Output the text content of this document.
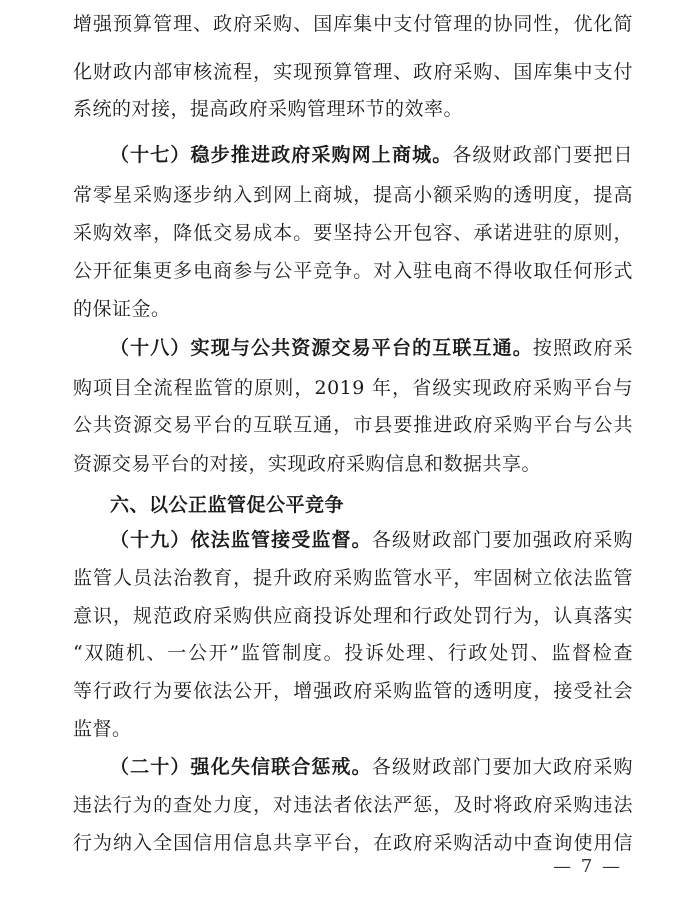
增强预算管理、政府采购、国库集中支付管理的协同性，优化简
化财政内部审核流程，实现预算管理、政府采购、国库集中支付
系统的对接，提高政府采购管理环节的效率。
（十七）稳步推进政府采购网上商城。各级财政部门要把日
常零星采购逐步纳入到网上商城，提高小额采购的透明度，提高
采购效率，降低交易成本。要坚持公开包容、承诺进驻的原则，
公开征集更多电商参与公平竞争。对入驻电商不得收取任何形式
的保证金。
（十八）实现与公共资源交易平台的互联互通。按照政府采
购项目全流程监管的原则，2019 年，省级实现政府采购平台与
公共资源交易平台的互联互通，市县要推进政府采购平台与公共
资源交易平台的对接，实现政府采购信息和数据共享。
六、以公正监管促公平竞争
（十九）依法监管接受监督。各级财政部门要加强政府采购
监管人员法治教育，提升政府采购监管水平，牢固树立依法监管
意识，规范政府采购供应商投诉处理和行政处罚行为，认真落实
“双随机、一公开”监管制度。投诉处理、行政处罚、监督检查
等行政行为要依法公开，增强政府采购监管的透明度，接受社会
监督。
（二十）强化失信联合惩戒。各级财政部门要加大政府采购
违法行为的查处力度，对违法者依法严惩，及时将政府采购违法
行为纳入全国信用信息共享平台，在政府采购活动中查询使用信
— 7 —
